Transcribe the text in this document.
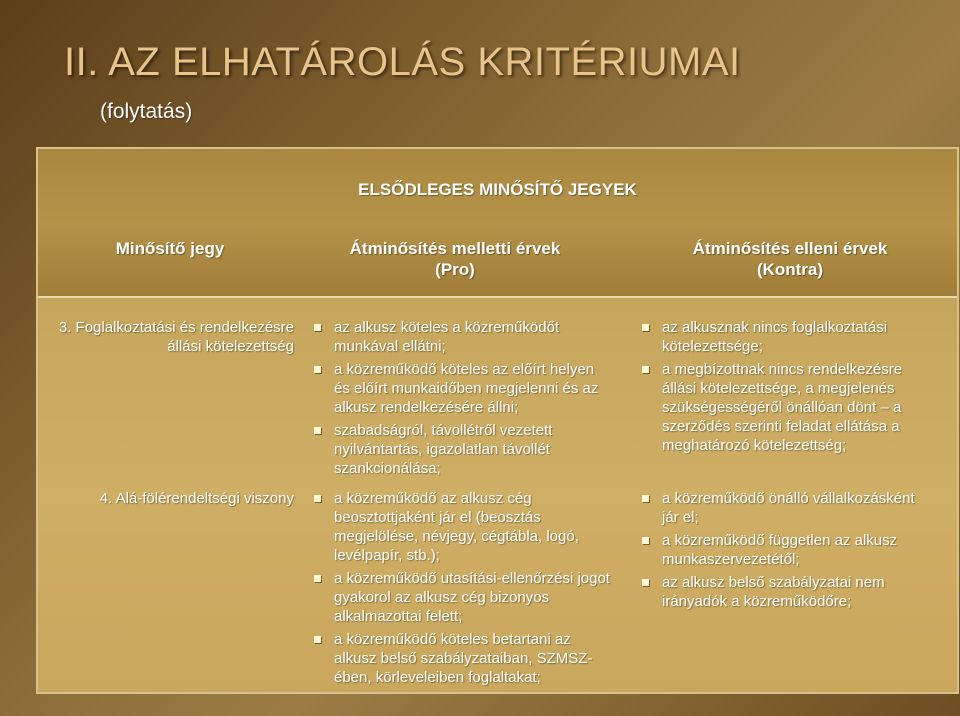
II. AZ ELHATÁROLÁS KRITÉRIUMAI
(folytatás)
ELSŐDLEGES MINŐSÍTŐ JEGYEK
Minősítő jegy	Átminősítés melletti érvek
(Pro)
Átminősítés elleni érvek
(Kontra)
3. Foglalkoztatási és rendelkezésre
állási kötelezettség
az alkusz köteles a közreműködőt munkával ellátni;
a közreműködő köteles az előírt helyen és előírt munkaidőben megjelenni és az alkusz rendelkezésére állni;
szabadságról, távollétről vezetett nyilvántartás, igazolatlan távollét szankcionálása;
az alkusznak nincs foglalkoztatási kötelezettsége;
a megbízottnak nincs rendelkezésre állási kötelezettsége, a megjelenés szükségességéről önállóan dönt – a szerződés szerinti feladat ellátása a meghatározó kötelezettség;
4. Alá-fölérendeltségi viszony	a közreműködő az alkusz cég beosztottjaként jár el (beosztás megjelölése, névjegy, cégtábla, logó, levélpapír, stb.);
a közreműködő utasítási-ellenőrzési jogot gyakorol az alkusz cég bizonyos alkalmazottai felett;
a közreműködő köteles betartani az alkusz belső szabályzataiban, SZMSZ-ében, körleveleiben foglaltakat;
a közreműködő önálló vállalkozásként jár el;
a közreműködő független az alkusz munkaszervezetétől;
az alkusz belső szabályzatai nem irányadók a közreműködőre;
